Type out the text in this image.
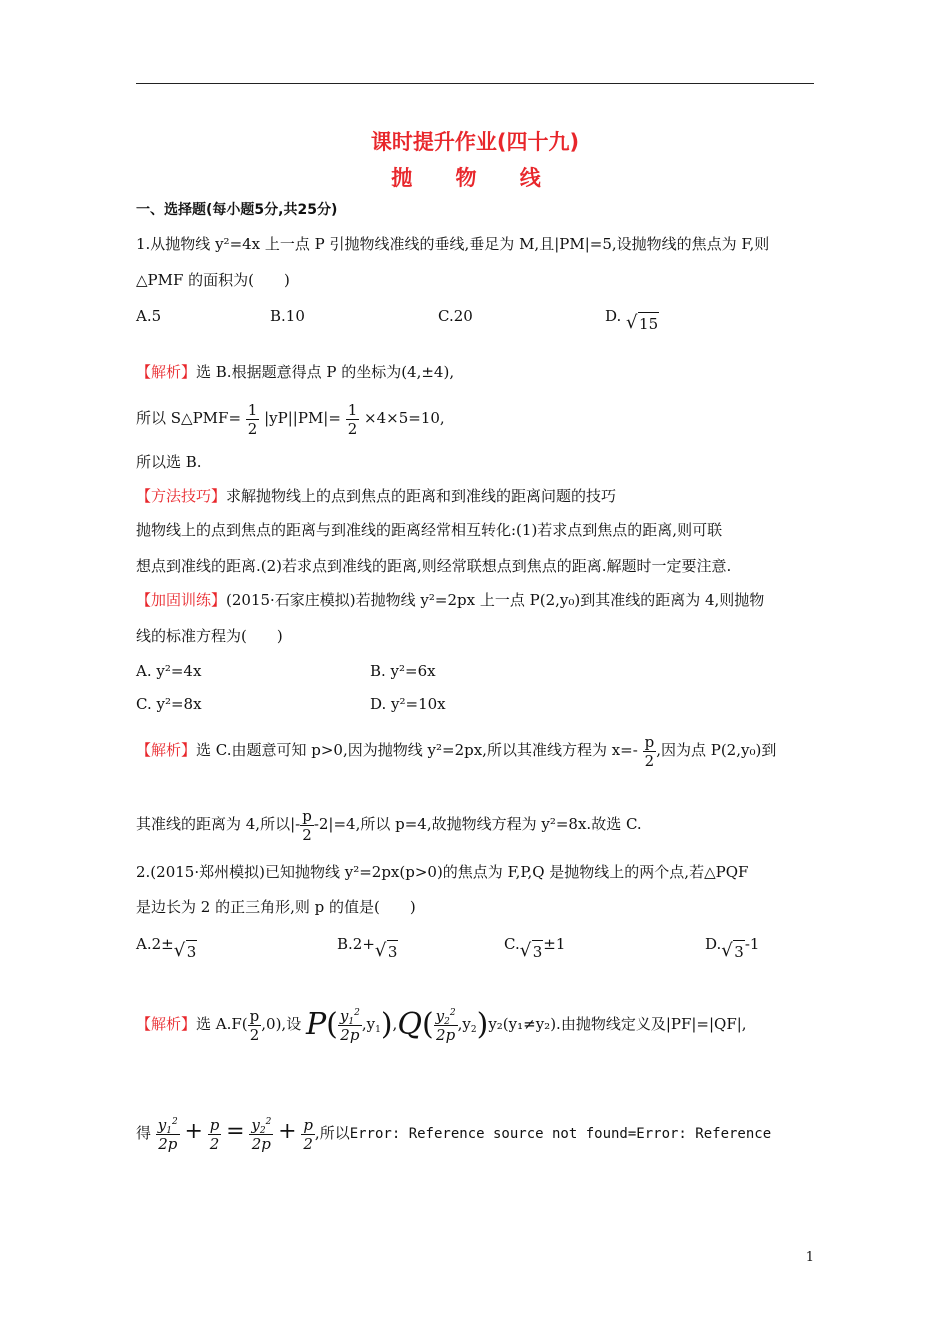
课时提升作业(四十九)
抛 物 线
一、选择题(每小题5分,共25分)
1.从抛物线 y²=4x 上一点 P 引抛物线准线的垂线,垂足为 M,且|PM|=5,设抛物线的焦点为 F,则
△PMF 的面积为(　　)
A.5	B.10	C.20	D. √ 15
【解析】选 B.根据题意得点 P 的坐标为(4,±4),
所以 S△PMF= $\frac{1}{2} |yP||PM|= \frac{1}{2} \times 4\times 5=10$,
所以选 B.
【方法技巧】求解抛物线上的点到焦点的距离和到准线的距离问题的技巧
抛物线上的点到焦点的距离与到准线的距离经常相互转化:(1)若求点到焦点的距离,则可联
想点到准线的距离.(2)若求点到准线的距离,则经常联想点到焦点的距离.解题时一定要注意.
【加固训练】(2015·石家庄模拟)若抛物线 y²=2px 上一点 P(2,y₀)到其准线的距离为 4,则抛物
线的标准方程为(　　)
A. y²=4x	B. y²=6x
C. y²=8x	D. y²=10x
【解析】选 C.由题意可知 p>0,因为抛物线 y²=2px,所以其准线方程为 $x=- \frac{p}{2}$ ,因为点 P(2,y₀)到
其准线的距离为 4,所以|- $\frac{p}{2} -2|=4$,所以 p=4,故抛物线方程为 y²=8x.故选 C.
2.(2015·郑州模拟)已知抛物线 y²=2px(p>0)的焦点为 F,P,Q 是抛物线上的两个点,若△PQF
是边长为 2 的正三角形,则 p 的值是(　　)
A.2± √ 3	B.2+ √ 3	C. √ 3±1	D. √ 3-1
【解析】选 $A.F( \frac{p}{2} ,0)$,设 $P( \frac{y_1^2}{2p} ,y_1),Q( \frac{y_2^2}{2p} ,y_2)y_2(y_1\ne y_2)$.由抛物线定义及|PF|=|QF|,
得 $\frac{y_1^2}{2p} + \frac{p}{2} = \frac{y_2^2}{2p} + \frac{p}{2}$ ,所以Error: Reference source not found=Error: Reference
1
